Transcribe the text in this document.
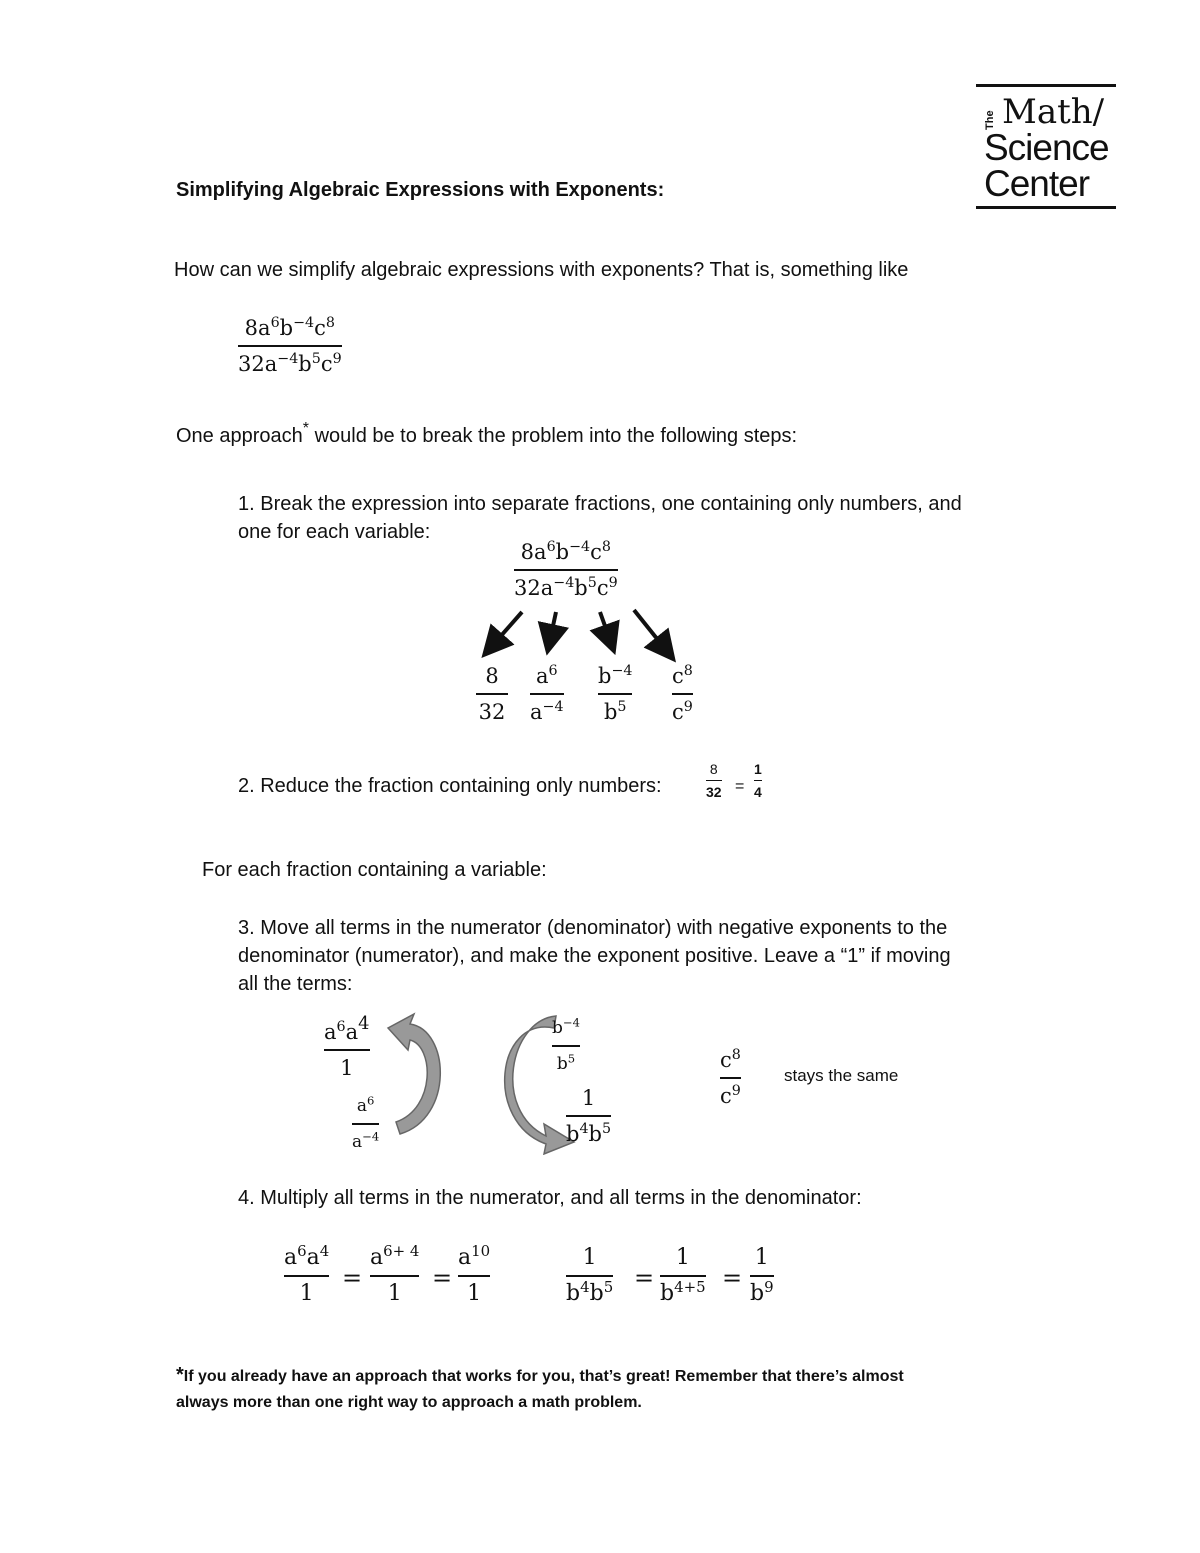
The Math/
Science
Center
Simplifying Algebraic Expressions with Exponents:
How can we simplify algebraic expressions with exponents? That is, something like
$8a^6b^{-4}c^8$
$32a^{-4}b^5c^9$
One approach* would be to break the problem into the following steps:
1. Break the expression into separate fractions, one containing only numbers, and
one for each variable:
$8a^6b^{-4}c^8$
$32a^{-4}b^5c^9$
8
32
$a^6$
$a^{-4}$
$b^{-4}$
$b^5$
$c^8$
$c^9$
2. Reduce the fraction containing only numbers:
8
32 =
1
4
For each fraction containing a variable:
3. Move all terms in the numerator (denominator) with negative exponents to the
denominator (numerator), and make the exponent positive. Leave a “1” if moving
all the terms:
$a^6a^4$
1
$a^6$
$a^{-4}$
$b^{-4}$
$b^5$
1
$b^4b^5$
$c^8$
$c^9$
stays the same
4. Multiply all terms in the numerator, and all terms in the denominator:
$a^6a^4$
1
=
$a^{6+ 4}$
1
=
$a^{10}$
1
1
$b^4b^5$ =
1
$b^{4+5}$ =
1
$b^9$
*If you already have an approach that works for you, that’s great! Remember that there’s almost
always more than one right way to approach a math problem.
